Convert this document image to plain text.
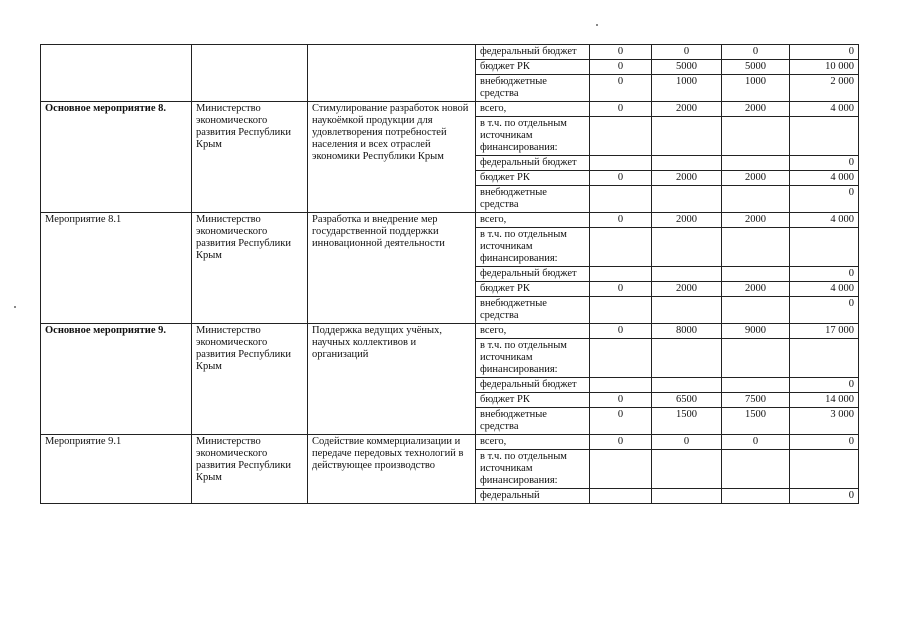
			федеральный бюджет	0	0	0	0
			бюджет РК	0	5000	5000	10 000
			внебюджетные средства	0	1000	1000	2 000
Основное мероприятие 8.	Министерство экономического развития Республики Крым	Стимулирование разработок новой наукоёмкой продукции для удовлетворения потребностей населения и всех отраслей экономики Республики Крым	всего,	0	2000	2000	4 000
			в т.ч. по отдельным источникам финансирования:				
			федеральный бюджет				0
			бюджет РК	0	2000	2000	4 000
			внебюджетные средства				0
Мероприятие 8.1	Министерство экономического развития Республики Крым	Разработка и внедрение мер государственной поддержки инновационной деятельности	всего,	0	2000	2000	4 000
			в т.ч. по отдельным источникам финансирования:				
			федеральный бюджет				0
			бюджет РК	0	2000	2000	4 000
			внебюджетные средства				0
Основное мероприятие 9.	Министерство экономического развития Республики Крым	Поддержка ведущих учёных, научных коллективов и организаций	всего,	0	8000	9000	17 000
			в т.ч. по отдельным источникам финансирования:				
			федеральный бюджет				0
			бюджет РК	0	6500	7500	14 000
			внебюджетные средства	0	1500	1500	3 000
Мероприятие 9.1	Министерство экономического развития Республики Крым	Содействие коммерциализации и передаче передовых технологий в действующее производство	всего,	0	0	0	0
			в т.ч. по отдельным источникам финансирования:				
			федеральный				0
